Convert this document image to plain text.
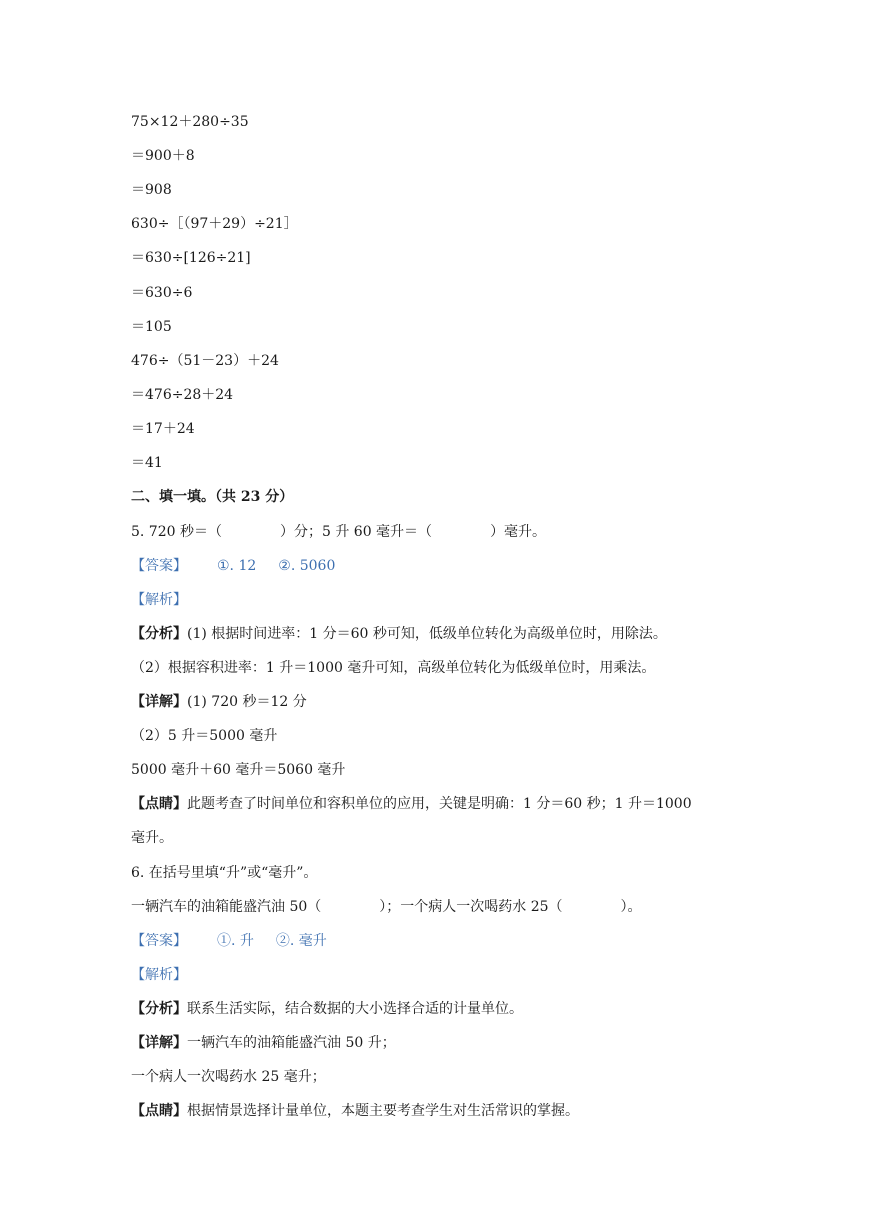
75×12＋280÷35
＝900＋8
＝908
630÷［（97＋29）÷21］
＝630÷[126÷21]
＝630÷6
＝105
476÷（51－23）＋24
＝476÷28＋24
＝17＋24
＝41
二、填一填。（共 23 分）
5. 720 秒＝（	）分；5 升 60 毫升＝（	）毫升。
【答案】 ①. 12 ②. 5060
【解析】
【分析】(1) 根据时间进率：1 分＝60 秒可知，低级单位转化为高级单位时，用除法。
（2）根据容积进率：1 升＝1000 毫升可知，高级单位转化为低级单位时，用乘法。
【详解】(1) 720 秒＝12 分
（2）5 升＝5000 毫升
5000 毫升＋60 毫升＝5060 毫升
【点睛】此题考查了时间单位和容积单位的应用，关键是明确：1 分＝60 秒；1 升＝1000
毫升。
6. 在括号里填“升”或“毫升”。
一辆汽车的油箱能盛汽油 50（	）；一个病人一次喝药水 25（	）。
【答案】 ①. 升 ②. 毫升
【解析】
【分析】联系生活实际，结合数据的大小选择合适的计量单位。
【详解】一辆汽车的油箱能盛汽油 50 升；
一个病人一次喝药水 25 毫升；
【点睛】根据情景选择计量单位，本题主要考查学生对生活常识的掌握。
